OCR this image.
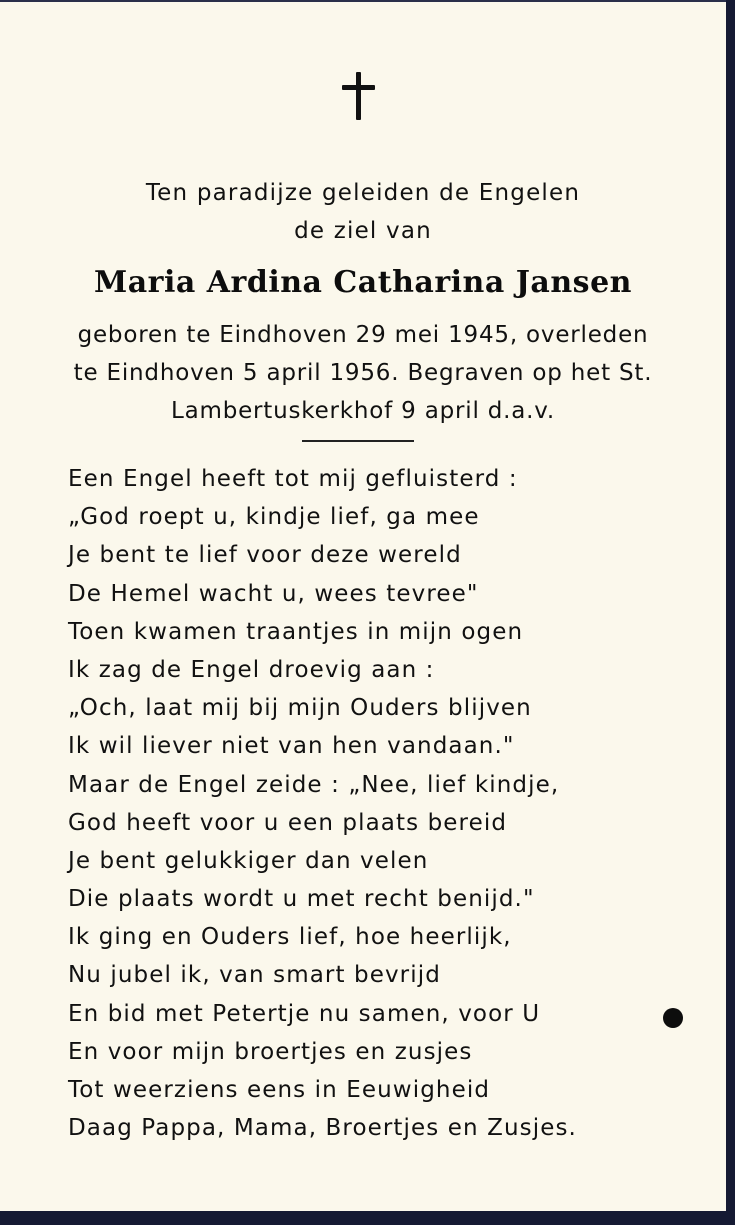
Ten paradijze geleiden de Engelen
de ziel van
Maria Ardina Catharina Jansen
geboren te Eindhoven 29 mei 1945, overleden
te Eindhoven 5 april 1956. Begraven op het St.
Lambertuskerkhof 9 april d.a.v.
Een Engel heeft tot mij gefluisterd :
„God roept u, kindje lief, ga mee
Je bent te lief voor deze wereld
De Hemel wacht u, wees tevree"
Toen kwamen traantjes in mijn ogen
Ik zag de Engel droevig aan :
„Och, laat mij bij mijn Ouders blijven
Ik wil liever niet van hen vandaan."
Maar de Engel zeide : „Nee, lief kindje,
God heeft voor u een plaats bereid
Je bent gelukkiger dan velen
Die plaats wordt u met recht benijd."
Ik ging en Ouders lief, hoe heerlijk,
Nu jubel ik, van smart bevrijd
En bid met Petertje nu samen, voor U
En voor mijn broertjes en zusjes
Tot weerziens eens in Eeuwigheid
Daag Pappa, Mama, Broertjes en Zusjes.
